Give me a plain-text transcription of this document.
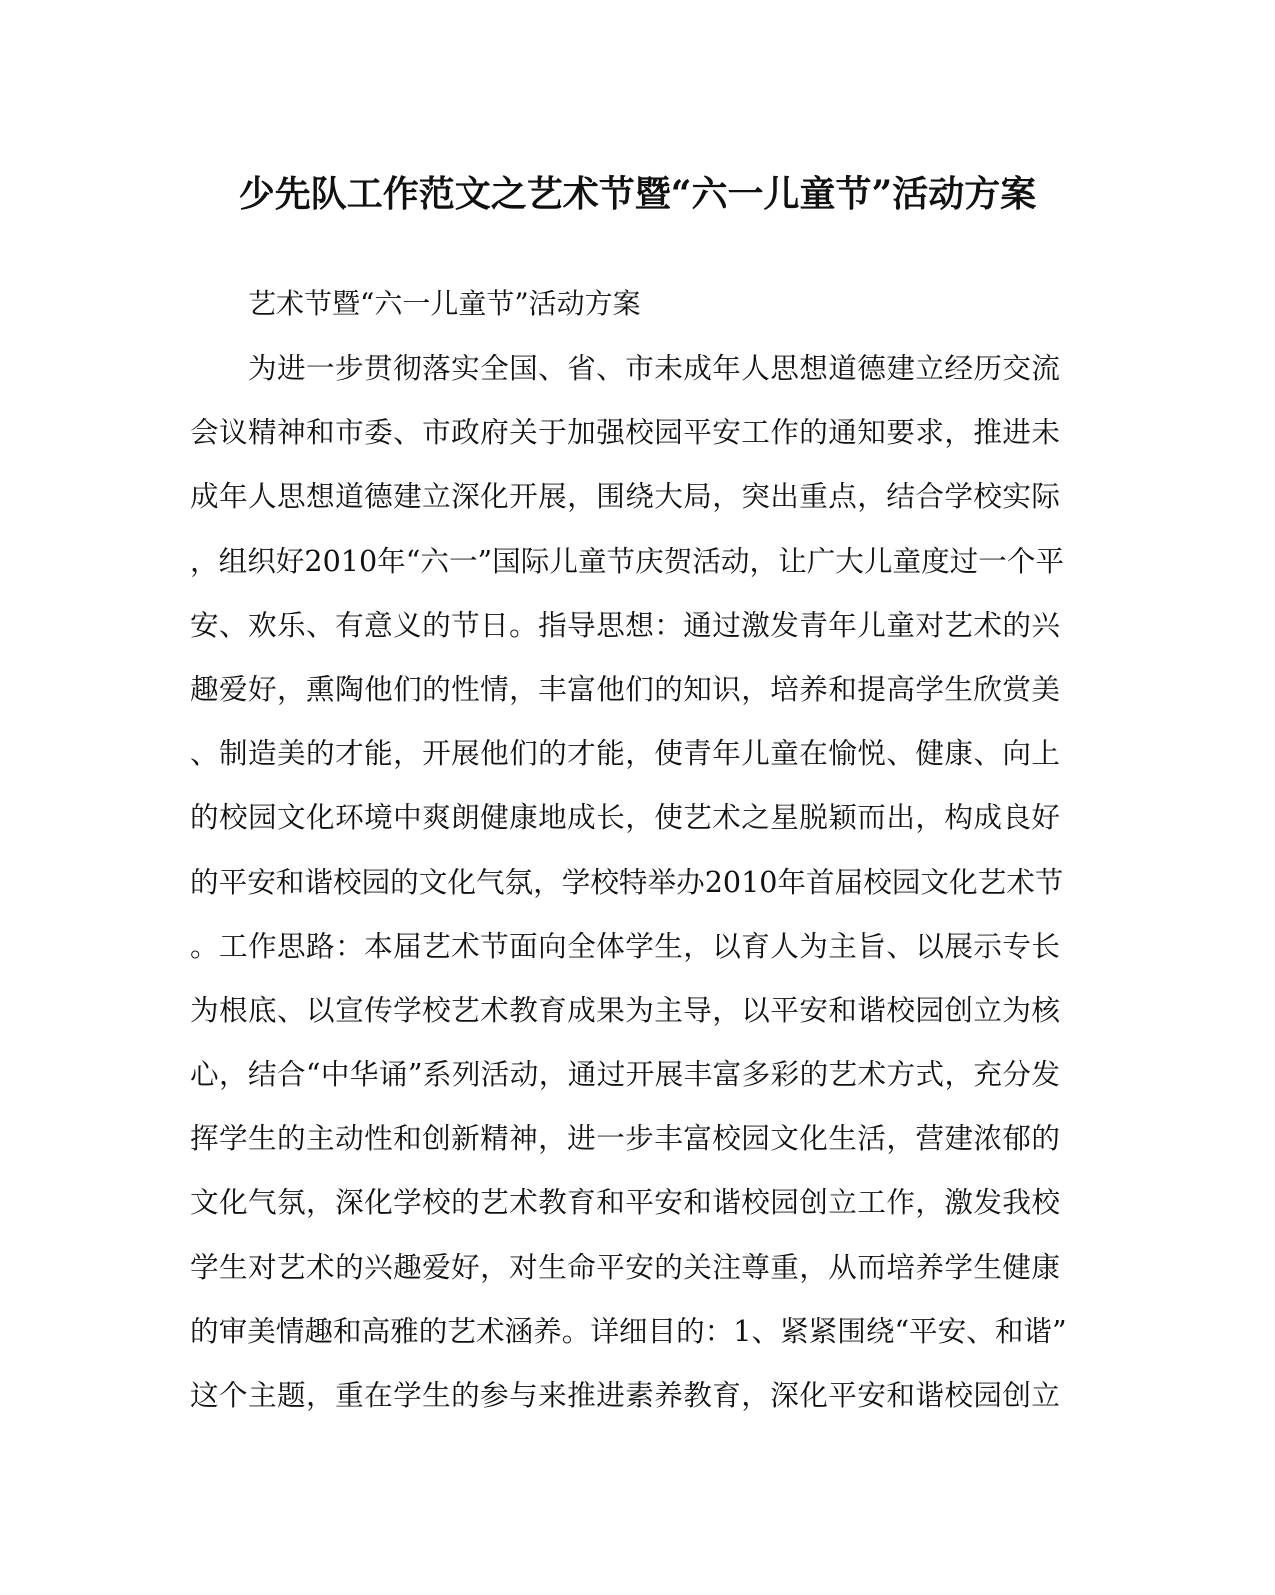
少先队工作范文之艺术节暨“六一儿童节”活动方案
艺术节暨“六一儿童节”活动方案
为进一步贯彻落实全国、省、市未成年人思想道德建立经历交流
会议精神和市委、市政府关于加强校园平安工作的通知要求，推进未
成年人思想道德建立深化开展，围绕大局，突出重点，结合学校实际
，组织好2010年“六一”国际儿童节庆贺活动，让广大儿童度过一个平
安、欢乐、有意义的节日。指导思想：通过激发青年儿童对艺术的兴
趣爱好，熏陶他们的性情，丰富他们的知识，培养和提高学生欣赏美
、制造美的才能，开展他们的才能，使青年儿童在愉悦、健康、向上
的校园文化环境中爽朗健康地成长，使艺术之星脱颖而出，构成良好
的平安和谐校园的文化气氛，学校特举办2010年首届校园文化艺术节
。工作思路：本届艺术节面向全体学生，以育人为主旨、以展示专长
为根底、以宣传学校艺术教育成果为主导，以平安和谐校园创立为核
心，结合“中华诵”系列活动，通过开展丰富多彩的艺术方式，充分发
挥学生的主动性和创新精神，进一步丰富校园文化生活，营建浓郁的
文化气氛，深化学校的艺术教育和平安和谐校园创立工作，激发我校
学生对艺术的兴趣爱好，对生命平安的关注尊重，从而培养学生健康
的审美情趣和高雅的艺术涵养。详细目的：1、紧紧围绕“平安、和谐”
这个主题，重在学生的参与来推进素养教育，深化平安和谐校园创立
